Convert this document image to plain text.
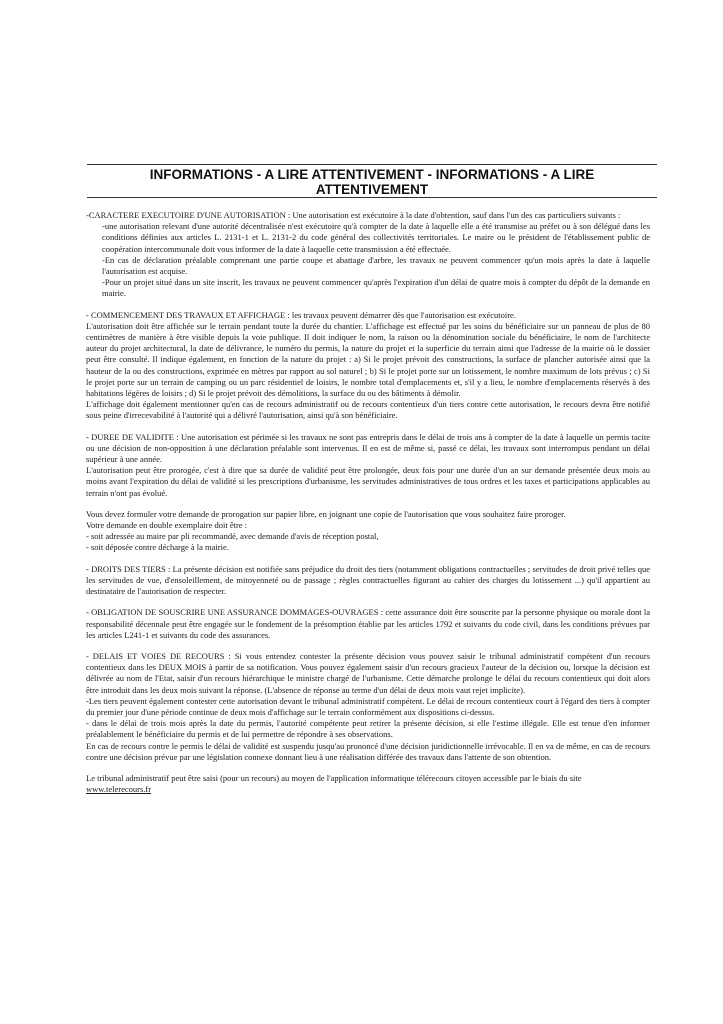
INFORMATIONS - A LIRE ATTENTIVEMENT - INFORMATIONS - A LIRE
ATTENTIVEMENT

-CARACTERE EXECUTOIRE D'UNE AUTORISATION : Une autorisation est exécutoire à la date d'obtention, sauf dans l'un des cas particuliers suivants :

-une autorisation relevant d'une autorité décentralisée n'est exécutoire qu'à compter de la date à laquelle elle a été transmise au préfet ou à son délégué dans les conditions définies aux articles L. 2131-1 et L. 2131-2 du code général des collectivités territoriales. Le maire ou le président de l'établissement public de coopération intercommunale doit vous informer de la date à laquelle cette transmission a été effectuée.

-En cas de déclaration préalable comprenant une partie coupe et abattage d'arbre, les travaux ne peuvent commencer qu'un mois après la date à laquelle l'autorisation est acquise.

-Pour un projet situé dans un site inscrit, les travaux ne peuvent commencer qu'après l'expiration d'un délai de quatre mois à compter du dépôt de la demande en mairie.

- COMMENCEMENT DES TRAVAUX ET AFFICHAGE : les travaux peuvent démarrer dès que l'autorisation est exécutoire.

L'autorisation doit être affichée sur le terrain pendant toute la durée du chantier. L'affichage est effectué par les soins du bénéficiaire sur un panneau de plus de 80 centimètres de manière à être visible depuis la voie publique. Il doit indiquer le nom, la raison ou la dénomination sociale du bénéficiaire, le nom de l'architecte auteur du projet architectural, la date de délivrance, le numéro du permis, la nature du projet et la superficie du terrain ainsi que l'adresse de la mairie où le dossier peut être consulté. Il indique également, en fonction de la nature du projet : a) Si le projet prévoit des constructions, la surface de plancher autorisée ainsi que la hauteur de la ou des constructions, exprimée en mètres par rapport au sol naturel ; b) Si le projet porte sur un lotissement, le nombre maximum de lots prévus ; c) Si le projet porte sur un terrain de camping ou un parc résidentiel de loisirs, le nombre total d'emplacements et, s'il y a lieu, le nombre d'emplacements réservés à des habitations légères de loisirs ; d) Si le projet prévoit des démolitions, la surface du ou des bâtiments à démolir.

L'affichage doit également mentionner qu'en cas de recours administratif ou de recours contentieux d'un tiers contre cette autorisation, le recours devra être notifié sous peine d'irrecevabilité à l'autorité qui a délivré l'autorisation, ainsi qu'à son bénéficiaire.

- DUREE DE VALIDITE : Une autorisation est périmée si les travaux ne sont pas entrepris dans le délai de trois ans à compter de la date à laquelle un permis tacite ou une décision de non-opposition à une déclaration préalable sont intervenus. Il en est de même si, passé ce délai, les travaux sont interrompus pendant un délai supérieur à une année.

L'autorisation peut être prorogée, c'est à dire que sa durée de validité peut être prolongée, deux fois pour une durée d'un an sur demande présentée deux mois au moins avant l'expiration du délai de validité si les prescriptions d'urbanisme, les servitudes administratives de tous ordres et les taxes et participations applicables au terrain n'ont pas évolué.

Vous devez formuler votre demande de prorogation sur papier libre, en joignant une copie de l'autorisation que vous souhaitez faire proroger.

Votre demande en double exemplaire doit être :

- soit adressée au maire par pli recommandé, avec demande d'avis de réception postal,

- soit déposée contre décharge à la mairie.

- DROITS DES TIERS : La présente décision est notifiée sans préjudice du droit des tiers (notamment obligations contractuelles ; servitudes de droit privé telles que les servitudes de vue, d'ensoleillement, de mitoyenneté ou de passage ; règles contractuelles figurant au cahier des charges du lotissement ...) qu'il appartient au destinataire de l'autorisation de respecter.

- OBLIGATION DE SOUSCRIRE UNE ASSURANCE DOMMAGES-OUVRAGES : cette assurance doit être souscrite par la personne physique ou morale dont la responsabilité décennale peut être engagée sur le fondement de la présomption établie par les articles 1792 et suivants du code civil, dans les conditions prévues par les articles L241-1 et suivants du code des assurances.

- DELAIS ET VOIES DE RECOURS : Si vous entendez contester la présente décision vous pouvez saisir le tribunal administratif compétent d'un recours contentieux dans les DEUX MOIS à partir de sa notification. Vous pouvez également saisir d'un recours gracieux l'auteur de la décision ou, lorsque la décision est délivrée au nom de l'Etat, saisir d'un recours hiérarchique le ministre chargé de l'urbanisme. Cette démarche prolonge le délai du recours contentieux qui doit alors être introduit dans les deux mois suivant la réponse. (L'absence de réponse au terme d'un délai de deux mois vaut rejet implicite).

-Les tiers peuvent également contester cette autorisation devant le tribunal administratif compétent. Le délai de recours contentieux court à l'égard des tiers à compter du premier jour d'une période continue de deux mois d'affichage sur le terrain conformément aux dispositions ci-dessus.

- dans le délai de trois mois après la date du permis, l'autorité compétente peut retirer la présente décision, si elle l'estime illégale. Elle est tenue d'en informer préalablement le bénéficiaire du permis et de lui permettre de répondre à ses observations.

En cas de recours contre le permis le délai de validité est suspendu jusqu'au prononcé d'une décision juridictionnelle irrévocable. Il en va de même, en cas de recours contre une décision prévue par une législation connexe donnant lieu à une réalisation différée des travaux dans l'attente de son obtention.

Le tribunal administratif peut être saisi (pour un recours) au moyen de l'application informatique télérecours citoyen accessible par le biais du site

www.telerecours.fr
